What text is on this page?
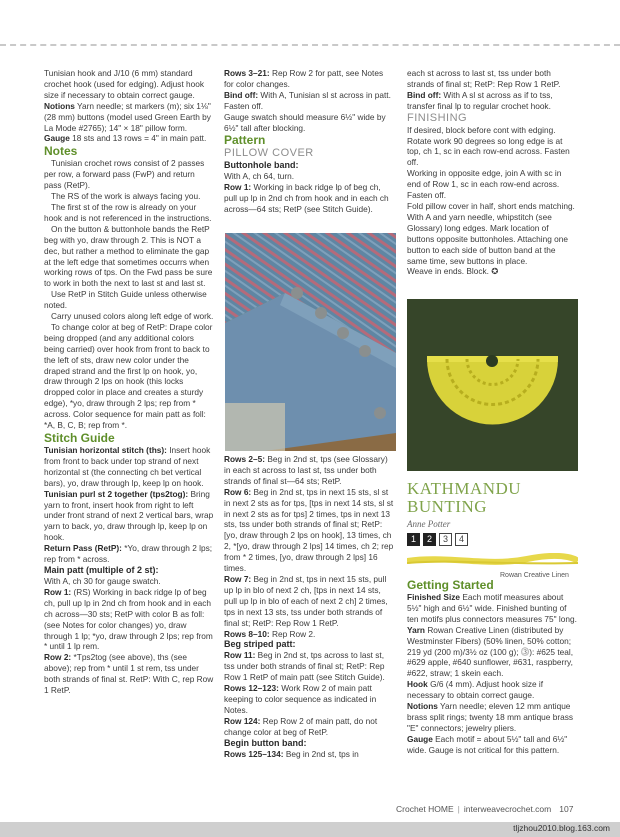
Tunisian hook and J/10 (6 mm) standard crochet hook (used for edging). Adjust hook size if necessary to obtain correct gauge.

Notions Yarn needle; st markers (m); six 1⅛" (28 mm) buttons (model used Green Earth by La Mode #2765); 14" × 18" pillow form.

Gauge 18 sts and 13 rows = 4" in main patt.

Notes

Tunisian crochet rows consist of 2 passes per row, a forward pass (FwP) and return pass (RetP).

The RS of the work is always facing you.

The first st of the row is already on your hook and is not referenced in the instructions.

On the button & buttonhole bands the RetP beg with yo, draw through 2. This is NOT a dec, but rather a method to eliminate the gap at the left edge that sometimes occurrs when working rows of tps. On the Fwd pass be sure to work in both the next to last st and last st.

Use RetP in Stitch Guide unless otherwise noted.

Carry unused colors along left edge of work.

To change color at beg of RetP: Drape color being dropped (and any additional colors being carried) over hook from front to back to the left of sts, draw new color under the draped strand and the first lp on hook, yo, draw through 2 lps on hook (this locks dropped color in place and creates a sturdy edge), *yo, draw through 2 lps; rep from * across. Color sequence for main patt as foll: *A, B, C, B; rep from *.

Stitch Guide

Tunisian horizontal stitch (ths): Insert hook from front to back under top strand of next horizontal st (the connecting ch bet vertical bars), yo, draw through lp, keep lp on hook.

Tunisian purl st 2 together (tps2tog): Bring yarn to front, insert hook from right to left under front strand of next 2 vertical bars, wrap yarn to back, yo, draw through lp, keep lp on hook.

Return Pass (RetP): *Yo, draw through 2 lps; rep from * across.

Main patt (multiple of 2 st):

With A, ch 30 for gauge swatch.

Row 1: (RS) Working in back ridge lp of beg ch, pull up lp in 2nd ch from hook and in each ch across—30 sts; RetP with color B as foll: (see Notes for color changes) yo, draw through 1 lp; *yo, draw through 2 lps; rep from * until 1 lp rem.

Row 2: *Tps2tog (see above), ths (see above); rep from * until 1 st rem, tss under both strands of final st. RetP: With C, rep Row 1 RetP.

Rows 3–21: Rep Row 2 for patt, see Notes for color changes.

Bind off: With A, Tunisian sl st across in patt. Fasten off.

Gauge swatch should measure 6½" wide by 6½" tall after blocking.

Pattern

PILLOW COVER

Buttonhole band:

With A, ch 64, turn.

Row 1: Working in back ridge lp of beg ch, pull up lp in 2nd ch from hook and in each ch across—64 sts; RetP (see Stitch Guide).

Rows 2–5: Beg in 2nd st, tps (see Glossary) in each st across to last st, tss under both strands of final st—64 sts; RetP.

Row 6: Beg in 2nd st, tps in next 15 sts, sl st in next 2 sts as for tps, [tps in next 14 sts, sl st in next 2 sts as for tps] 2 times, tps in next 13 sts, tss under both strands of final st; RetP: [yo, draw through 2 lps on hook], 13 times, ch 2, *[yo, draw through 2 lps] 14 times, ch 2; rep from * 2 times, [yo, draw through 2 lps] 16 times.

Row 7: Beg in 2nd st, tps in next 15 sts, pull up lp in blo of next 2 ch, [tps in next 14 sts, pull up lp in blo of each of next 2 ch] 2 times, tps in next 13 sts, tss under both strands of final st; RetP: Rep Row 1 RetP.

Rows 8–10: Rep Row 2.

Beg striped patt:

Row 11: Beg in 2nd st, tps across to last st, tss under both strands of final st; RetP: Rep Row 1 RetP of main patt (see Stitch Guide).

Rows 12–123: Work Row 2 of main patt keeping to color sequence as indicated in Notes.

Row 124: Rep Row 2 of main patt, do not change color at beg of RetP.

Begin button band:

Rows 125–134: Beg in 2nd st, tps in

each st across to last st, tss under both strands of final st; RetP: Rep Row 1 RetP.

Bind off: With A sl st across as if to tss, transfer final lp to regular crochet hook.

FINISHING

If desired, block before cont with edging. Rotate work 90 degrees so long edge is at top, ch 1, sc in each row-end across. Fasten off.
Working in opposite edge, join A with sc in end of Row 1, sc in each row-end across. Fasten off.
Fold pillow cover in half, short ends matching. With A and yarn needle, whipstitch (see Glossary) long edges. Mark location of buttons opposite buttonholes. Attaching one button to each side of button band at the same time, sew buttons in place.
Weave in ends. Block. ✪

KATHMANDU BUNTING
Anne Potter
1	2	3	4
Rowan Creative Linen

Getting Started

Finished Size Each motif measures about 5½" high and 6½" wide. Finished bunting of ten motifs plus connectors measures 75" long.

Yarn Rowan Creative Linen (distributed by Westminster Fibers) (50% linen, 50% cotton; 219 yd (200 m)/3½ oz (100 g); ⓷): #625 teal, #629 apple, #640 sunflower, #631, raspberry, #622, straw; 1 skein each.

Hook G/6 (4 mm). Adjust hook size if necessary to obtain correct gauge.

Notions Yarn needle; eleven 12 mm antique brass split rings; twenty 18 mm antique brass "E" connectors; jewelry pliers.

Gauge Each motif = about 5½" tall and 6½" wide. Gauge is not critical for this pattern.

Crochet HOME | interweavecrochet.com 107
tljzhou2010.blog.163.com
